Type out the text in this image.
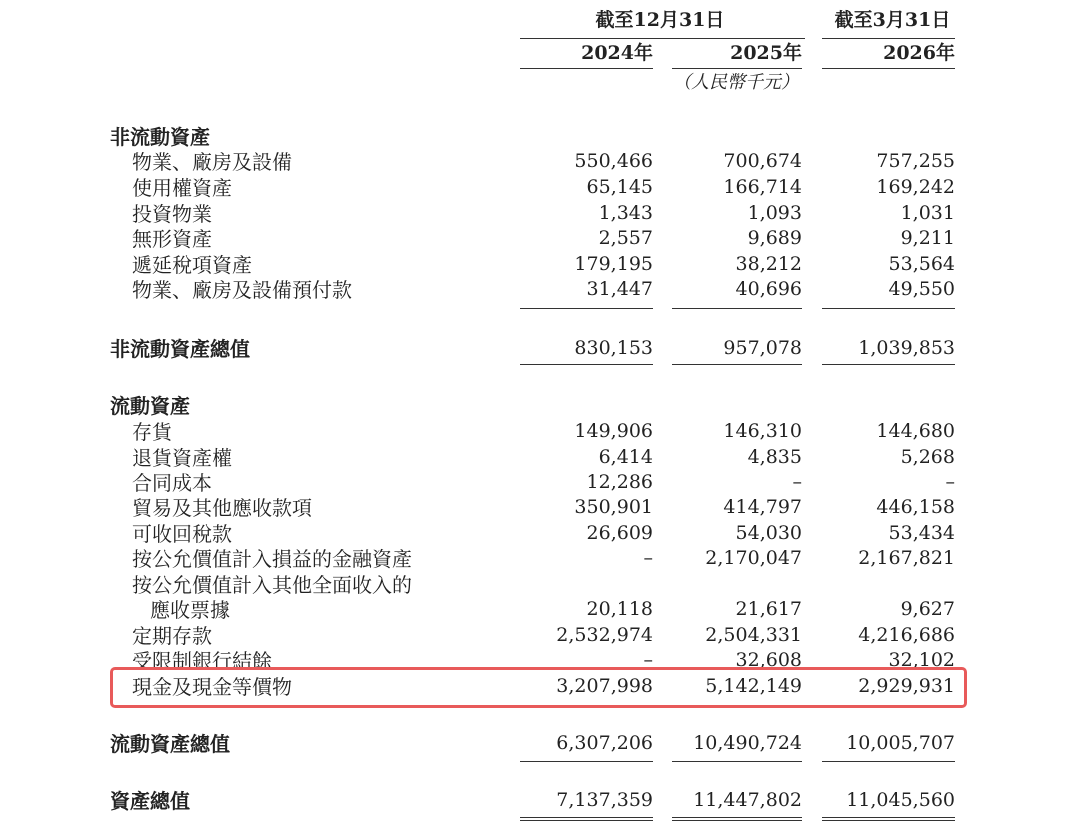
截至12月31日	截至3月31日
2024年	2025年	2026年
（人民幣千元）
非流動資產
物業、廠房及設備	550,466	700,674	757,255
使用權資產	65,145	166,714	169,242
投資物業	1,343	1,093	1,031
無形資產	2,557	9,689	9,211
遞延稅項資產	179,195	38,212	53,564
物業、廠房及設備預付款	31,447	40,696	49,550
非流動資產總值	830,153	957,078	1,039,853
流動資產
存貨	149,906	146,310	144,680
退貨資產權	6,414	4,835	5,268
合同成本	12,286	–	–
貿易及其他應收款項	350,901	414,797	446,158
可收回稅款	26,609	54,030	53,434
按公允價值計入損益的金融資產	–	2,170,047	2,167,821
按公允價值計入其他全面收入的
應收票據	20,118	21,617	9,627
定期存款	2,532,974	2,504,331	4,216,686
受限制銀行結餘	–	32,608	32,102
現金及現金等價物	3,207,998	5,142,149	2,929,931
流動資產總值	6,307,206	10,490,724	10,005,707
資產總值	7,137,359	11,447,802	11,045,560
